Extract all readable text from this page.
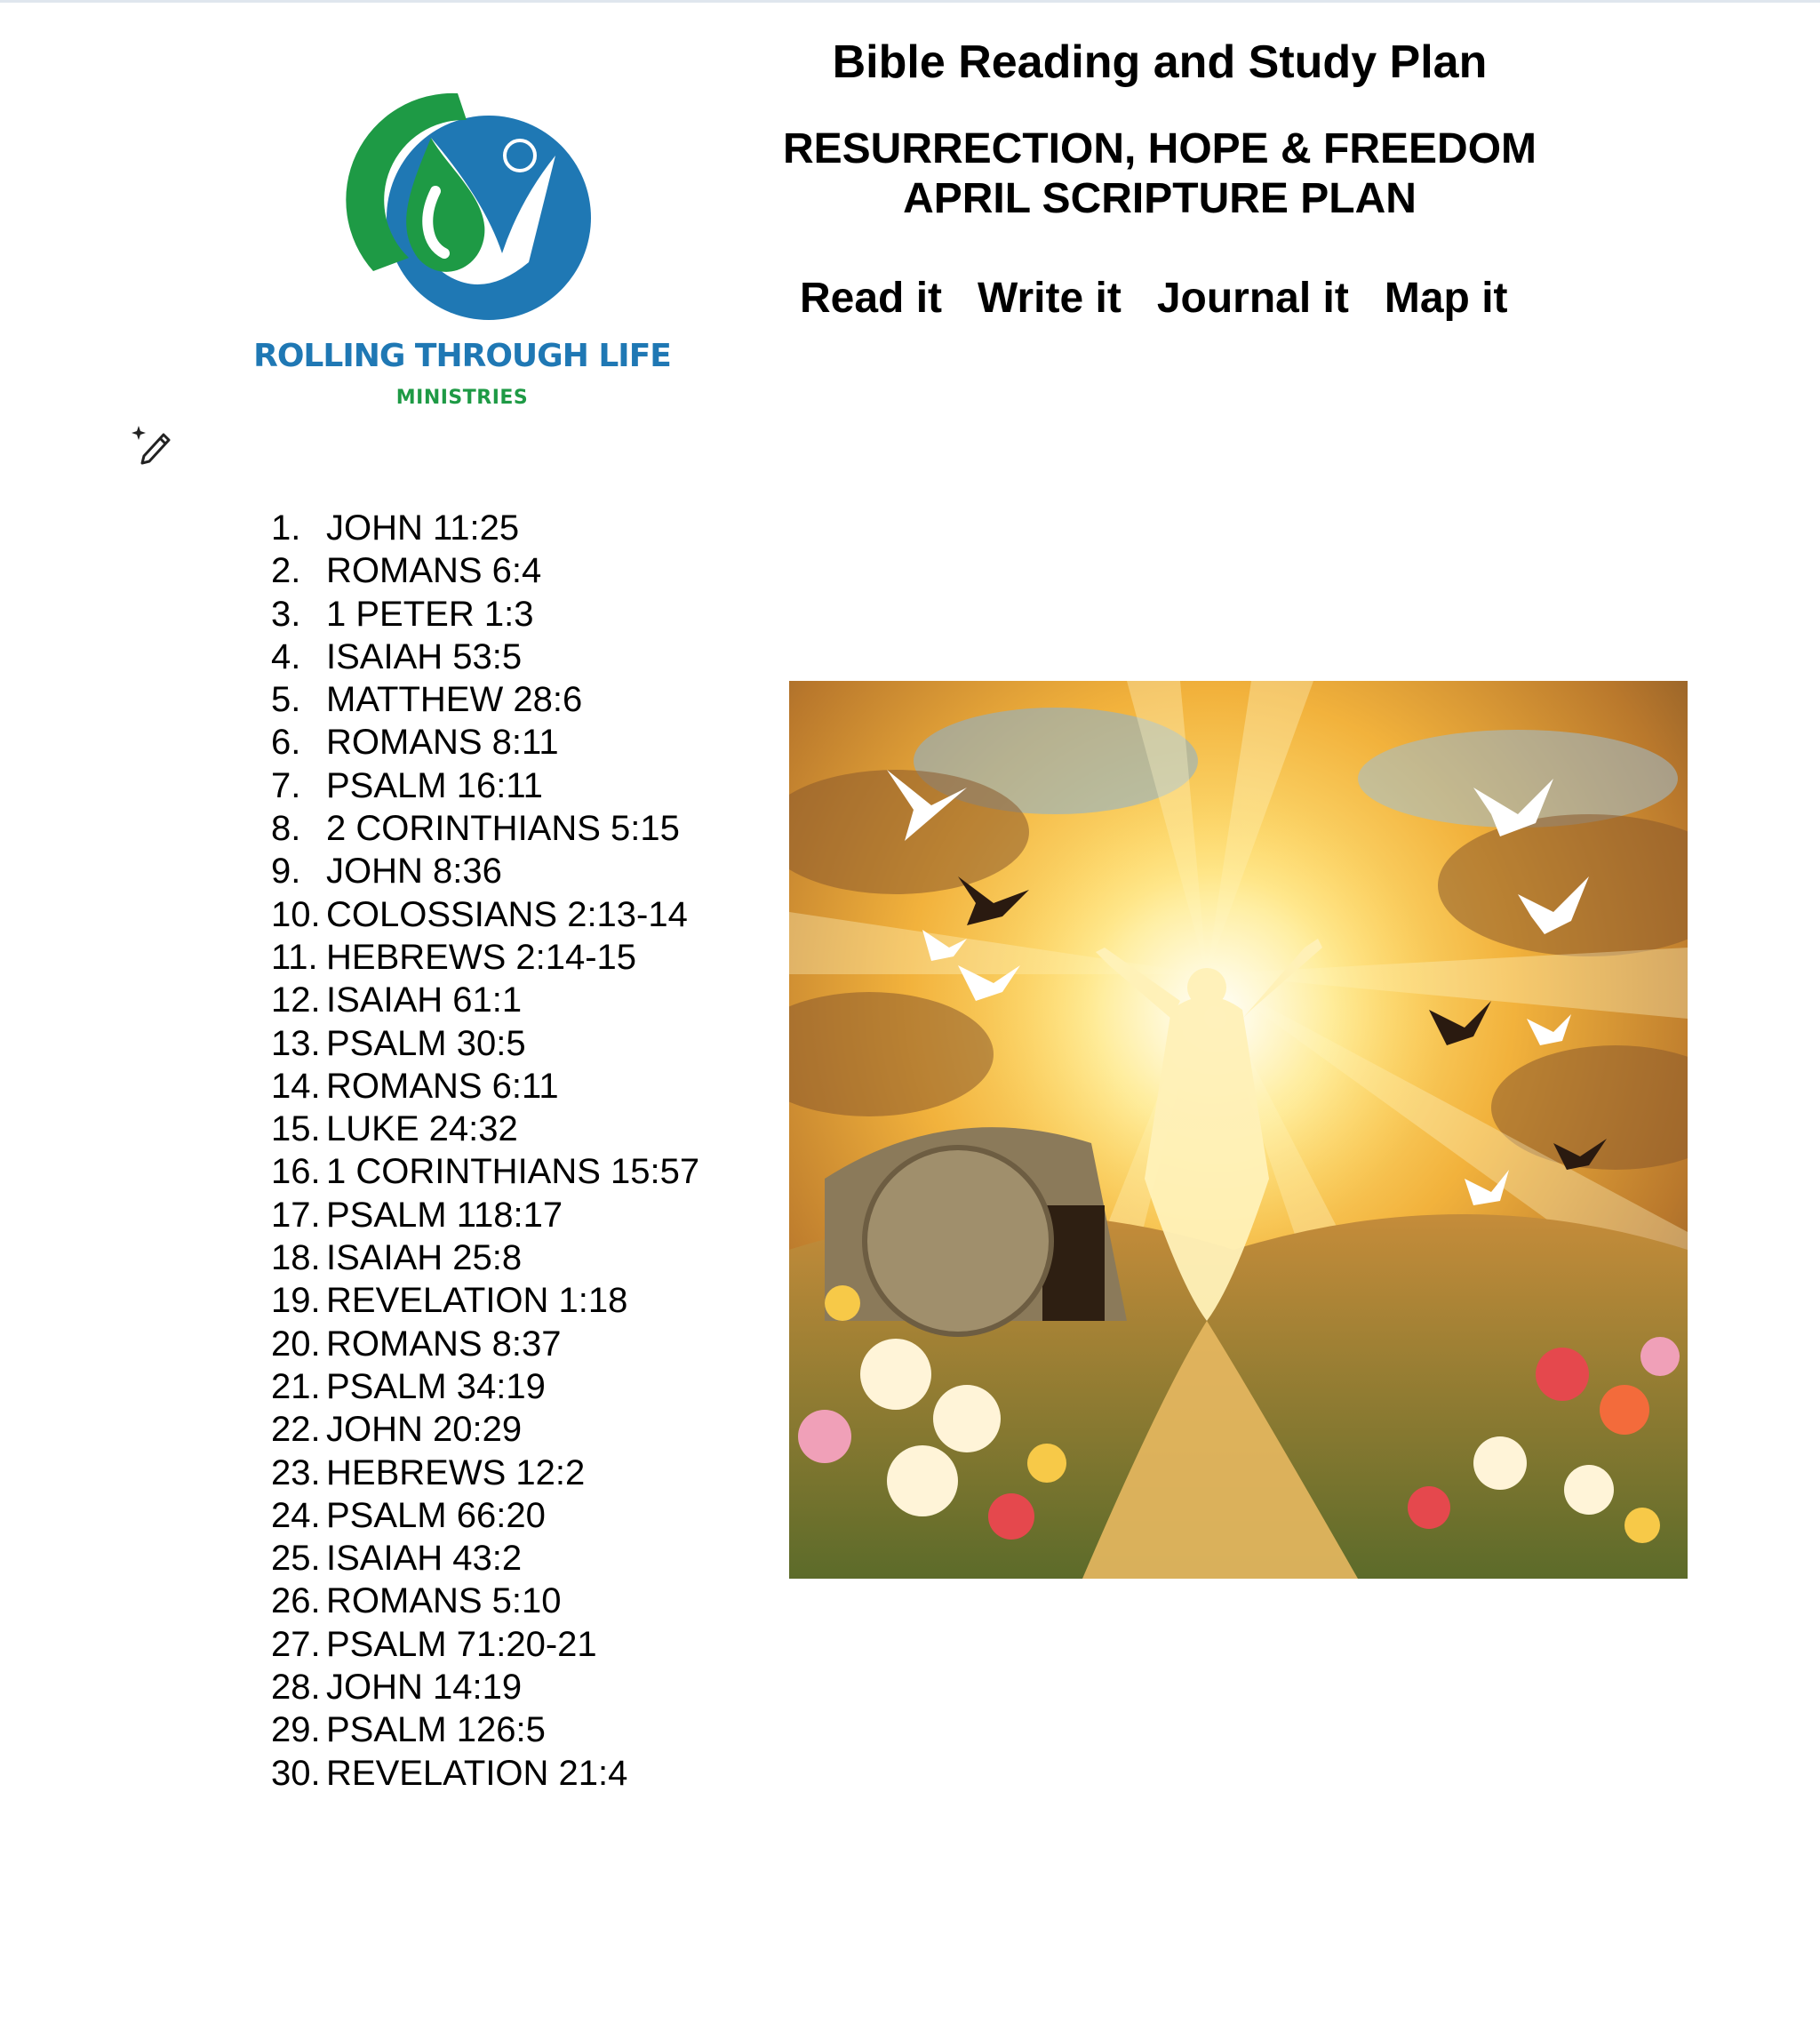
ROLLING THROUGH LIFE
MINISTRIES
Bible Reading and Study Plan
RESURRECTION, HOPE & FREEDOM
APRIL SCRIPTURE PLAN
Read it Write it Journal it Map it
1. JOHN 11:25
2. ROMANS 6:4
3. 1 PETER 1:3
4. ISAIAH 53:5
5. MATTHEW 28:6
6. ROMANS 8:11
7. PSALM 16:11
8. 2 CORINTHIANS 5:15
9. JOHN 8:36
10. COLOSSIANS 2:13-14
11. HEBREWS 2:14-15
12. ISAIAH 61:1
13. PSALM 30:5
14. ROMANS 6:11
15. LUKE 24:32
16. 1 CORINTHIANS 15:57
17. PSALM 118:17
18. ISAIAH 25:8
19. REVELATION 1:18
20. ROMANS 8:37
21. PSALM 34:19
22. JOHN 20:29
23. HEBREWS 12:2
24. PSALM 66:20
25. ISAIAH 43:2
26. ROMANS 5:10
27. PSALM 71:20-21
28. JOHN 14:19
29. PSALM 126:5
30. REVELATION 21:4
